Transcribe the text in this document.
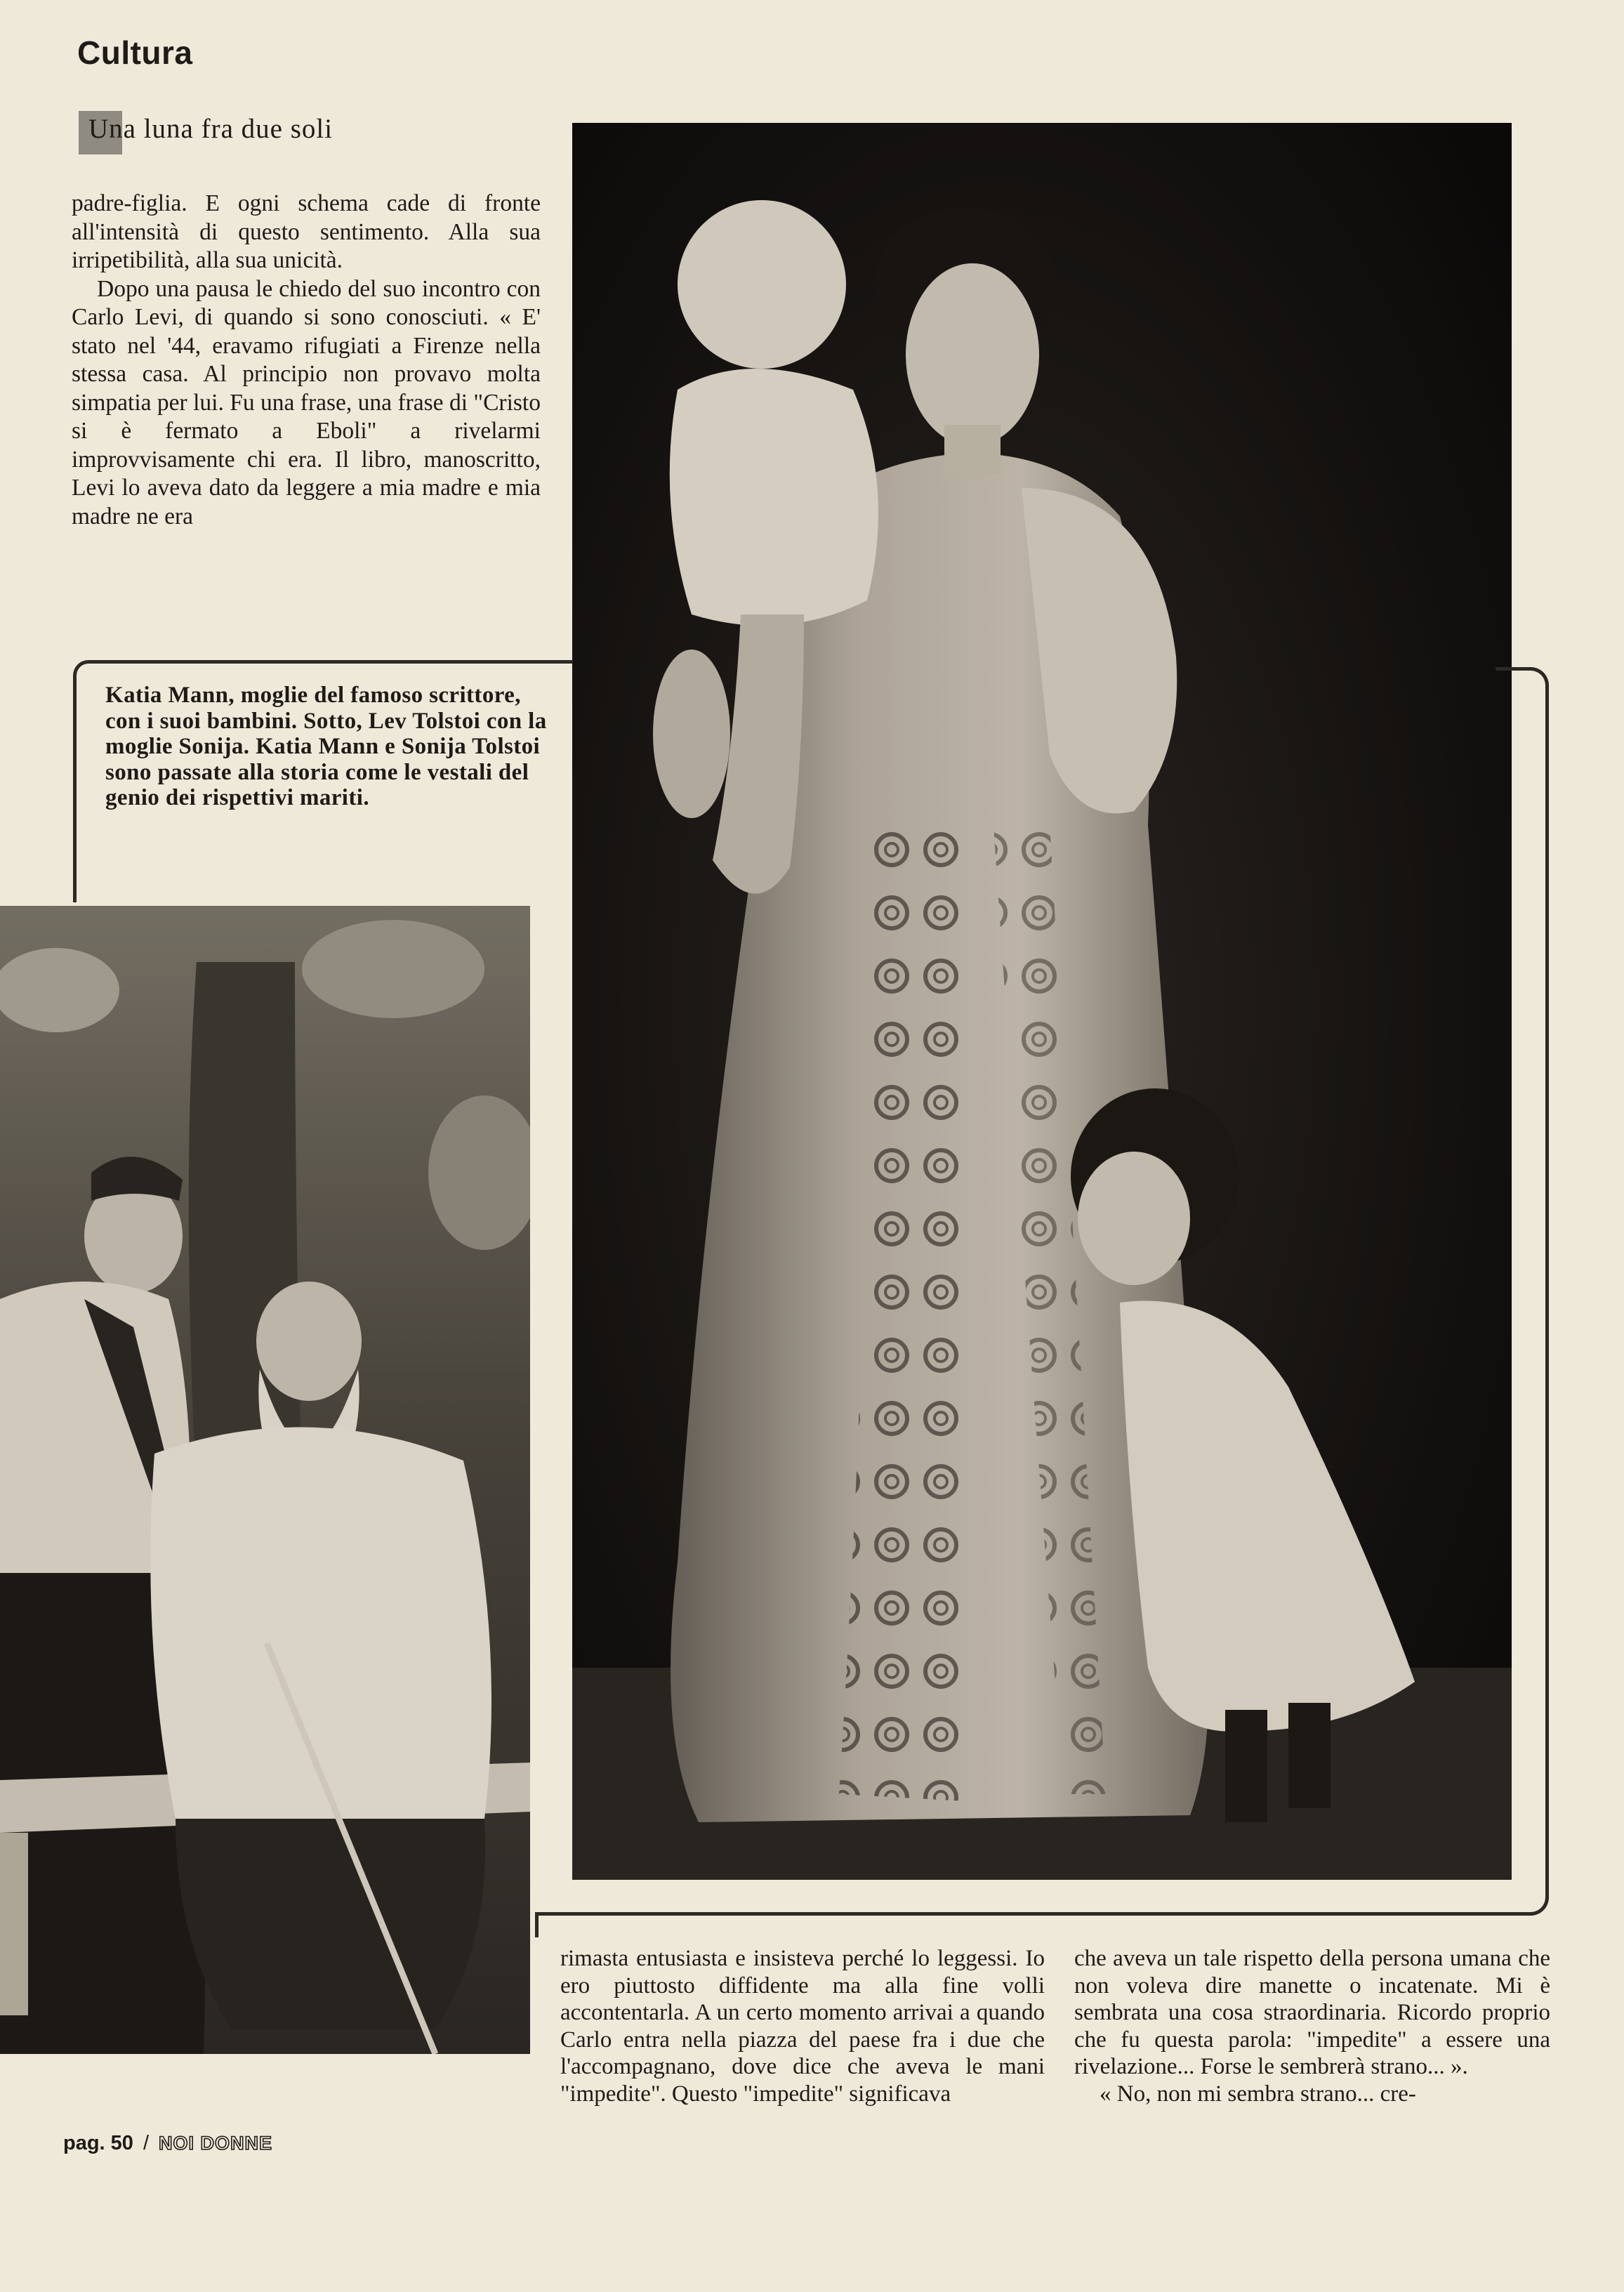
Cultura
Una luna fra due soli

padre-figlia. E ogni schema cade di fronte all'intensità di questo sentimento. Alla sua irripetibilità, alla sua unicità.

Dopo una pausa le chiedo del suo incontro con Carlo Levi, di quando si sono conosciuti. « E' stato nel '44, eravamo rifugiati a Firenze nella stessa casa. Al principio non provavo molta simpatia per lui. Fu una frase, una frase di "Cristo si è fermato a Eboli" a rivelarmi improvvisamente chi era. Il libro, manoscritto, Levi lo aveva dato da leggere a mia madre e mia madre ne era

Katia Mann, moglie del famoso scrittore, con i suoi bambini. Sotto, Lev Tolstoi con la moglie Sonija. Katia Mann e Sonija Tolstoi sono passate alla storia come le vestali del genio dei rispettivi mariti.

rimasta entusiasta e insisteva perché lo leggessi. Io ero piuttosto diffidente ma alla fine volli accontentarla. A un certo momento arrivai a quando Carlo entra nella piazza del paese fra i due che l'accompagnano, dove dice che aveva le mani "impedite". Questo "impedite" significava

che aveva un tale rispetto della persona umana che non voleva dire manette o incatenate. Mi è sembrata una cosa straordinaria. Ricordo proprio che fu questa parola: "impedite" a essere una rivelazione... Forse le sembrerà strano... ».

« No, non mi sembra strano... cre-

pag. 50 / NOI DONNE
